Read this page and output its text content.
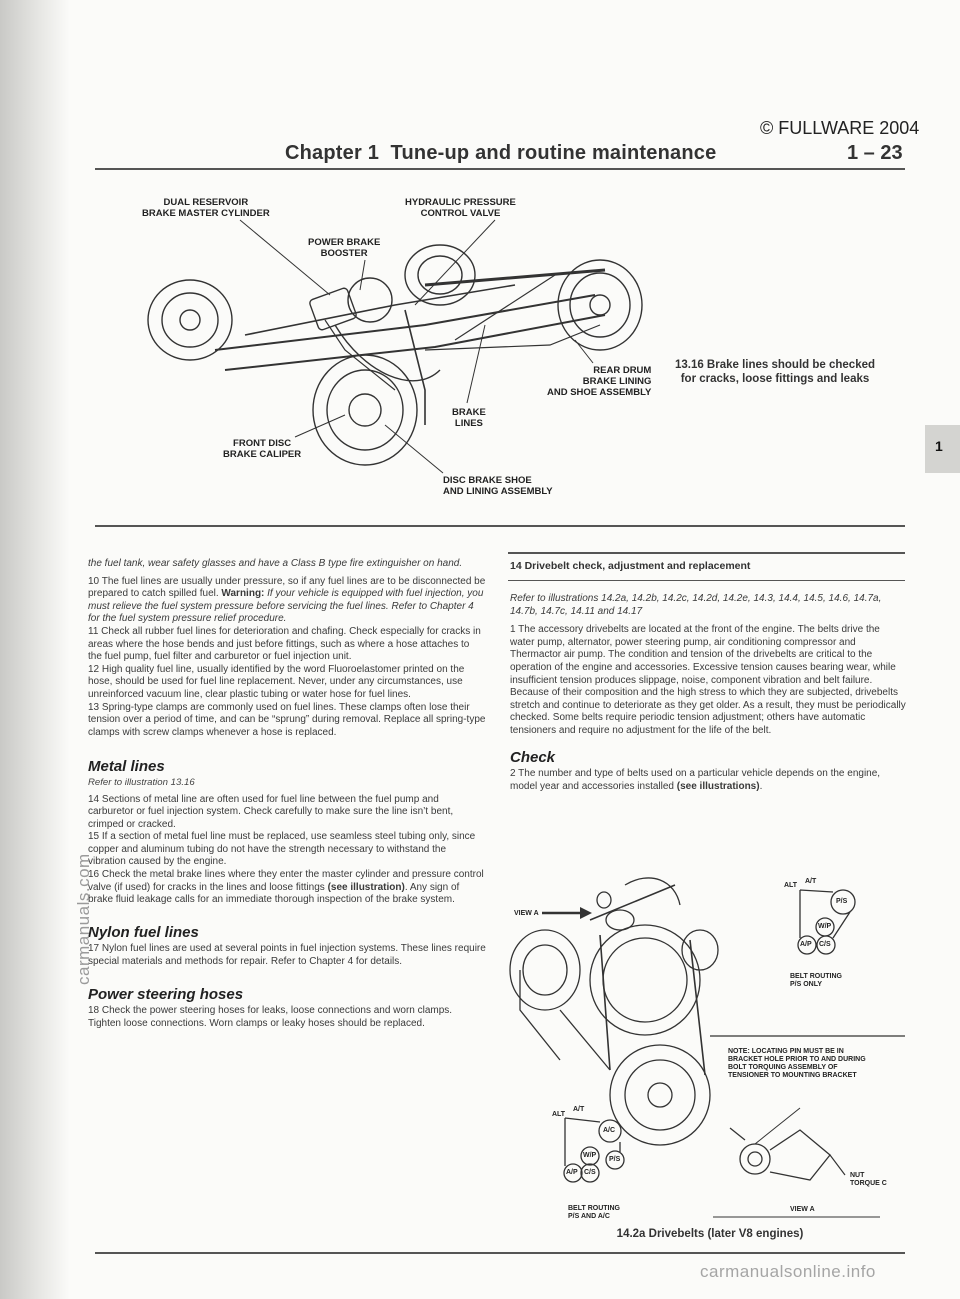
© FULLWARE 2004
Chapter 1  Tune-up and routine maintenance	1 – 23
DUAL RESERVOIR
BRAKE MASTER CYLINDER
HYDRAULIC PRESSURE
CONTROL VALVE
POWER BRAKE
BOOSTER
REAR DRUM
BRAKE LINING
AND SHOE ASSEMBLY
BRAKE
LINES
FRONT DISC
BRAKE CALIPER
DISC BRAKE SHOE
AND LINING ASSEMBLY
13.16 Brake lines should be checked for cracks, loose fittings and leaks
1

the fuel tank, wear safety glasses and have a Class B type fire extinguisher on hand.

10 The fuel lines are usually under pressure, so if any fuel lines are to be disconnected be prepared to catch spilled fuel. Warning: If your vehicle is equipped with fuel injection, you must relieve the fuel system pressure before servicing the fuel lines. Refer to Chapter 4 for the fuel system pressure relief procedure.

11 Check all rubber fuel lines for deterioration and chafing. Check especially for cracks in areas where the hose bends and just before fittings, such as where a hose attaches to the fuel pump, fuel filter and carburetor or fuel injection unit.

12 High quality fuel line, usually identified by the word Fluoroelastomer printed on the hose, should be used for fuel line replacement. Never, under any circumstances, use unreinforced vacuum line, clear plastic tubing or water hose for fuel lines.

13 Spring-type clamps are commonly used on fuel lines. These clamps often lose their tension over a period of time, and can be “sprung” during removal. Replace all spring-type clamps with screw clamps whenever a hose is replaced.

Metal lines
Refer to illustration 13.16

14 Sections of metal line are often used for fuel line between the fuel pump and carburetor or fuel injection system. Check carefully to make sure the line isn’t bent, crimped or cracked.

15 If a section of metal fuel line must be replaced, use seamless steel tubing only, since copper and aluminum tubing do not have the strength necessary to withstand the vibration caused by the engine.

16 Check the metal brake lines where they enter the master cylinder and pressure control valve (if used) for cracks in the lines and loose fittings (see illustration). Any sign of brake fluid leakage calls for an immediate thorough inspection of the brake system.

Nylon fuel lines

17 Nylon fuel lines are used at several points in fuel injection systems. These lines require special materials and methods for repair. Refer to Chapter 4 for details.

Power steering hoses

18 Check the power steering hoses for leaks, loose connections and worn clamps. Tighten loose connections. Worn clamps or leaky hoses should be replaced.

14 Drivebelt check, adjustment and replacement

Refer to illustrations 14.2a, 14.2b, 14.2c, 14.2d, 14.2e, 14.3, 14.4, 14.5, 14.6, 14.7a, 14.7b, 14.7c, 14.11 and 14.17

1 The accessory drivebelts are located at the front of the engine. The belts drive the water pump, alternator, power steering pump, air conditioning compressor and Thermactor air pump. The condition and tension of the drivebelts are critical to the operation of the engine and accessories. Excessive tension causes bearing wear, while insufficient tension produces slippage, noise, component vibration and belt failure. Because of their composition and the high stress to which they are subjected, drivebelts stretch and continue to deteriorate as they get older. As a result, they must be periodically checked. Some belts require periodic tension adjustment; others have automatic tensioners and require no adjustment for the life of the belt.

Check

2 The number and type of belts used on a particular vehicle depends on the engine, model year and accessories installed (see illustrations).

VIEW A
ALT
A/T
P/S
W/P
A/P C/S
BELT ROUTING
P/S ONLY
NOTE: LOCATING PIN MUST BE IN BRACKET HOLE PRIOR TO AND DURING BOLT TORQUING ASSEMBLY OF TENSIONER TO MOUNTING BRACKET
ALT
A/T
A/C
W/P
P/S
A/P C/S
BELT ROUTING
P/S AND A/C
NUT
TORQUE C
VIEW A
14.2a Drivebelts (later V8 engines)
carmanuals.com
carmanualsonline.info
